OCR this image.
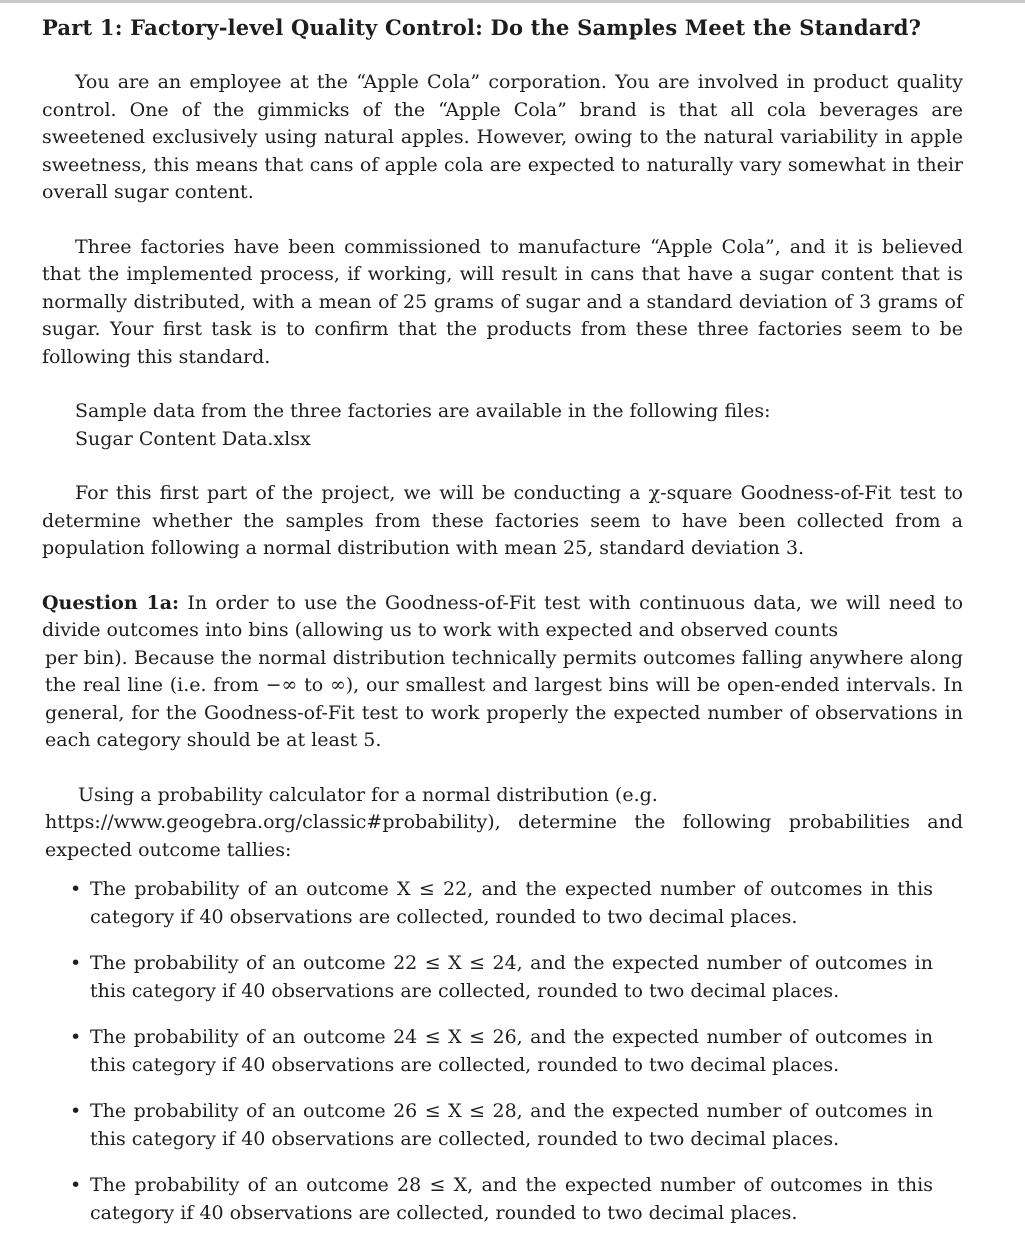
Part 1: Factory-level Quality Control: Do the Samples Meet the Standard?

You are an employee at the “Apple Cola” corporation. You are involved in product quality control. One of the gimmicks of the “Apple Cola” brand is that all cola beverages are sweetened exclusively using natural apples. However, owing to the natural variability in apple sweetness, this means that cans of apple cola are expected to naturally vary somewhat in their overall sugar content.

Three factories have been commissioned to manufacture “Apple Cola”, and it is believed that the implemented process, if working, will result in cans that have a sugar content that is normally distributed, with a mean of 25 grams of sugar and a standard deviation of 3 grams of sugar. Your first task is to confirm that the products from these three factories seem to be following this standard.

Sample data from the three factories are available in the following files:
Sugar Content Data.xlsx

For this first part of the project, we will be conducting a χ-square Goodness-of-Fit test to determine whether the samples from these factories seem to have been collected from a population following a normal distribution with mean 25, standard deviation 3.

Question 1a: In order to use the Goodness-of-Fit test with continuous data, we will need to divide outcomes into bins (allowing us to work with expected and observed counts

per bin). Because the normal distribution technically permits outcomes falling anywhere along the real line (i.e. from −∞ to ∞), our smallest and largest bins will be open-ended intervals. In general, for the Goodness-of-Fit test to work properly the expected number of observations in each category should be at least 5.

Using a probability calculator for a normal distribution (e.g.

https://www.geogebra.org/classic#probability), determine the following probabilities and expected outcome tallies:

• The probability of an outcome X ≤ 22, and the expected number of outcomes in this category if 40 observations are collected, rounded to two decimal places.
• The probability of an outcome 22 ≤ X ≤ 24, and the expected number of outcomes in this category if 40 observations are collected, rounded to two decimal places.
• The probability of an outcome 24 ≤ X ≤ 26, and the expected number of outcomes in this category if 40 observations are collected, rounded to two decimal places.
• The probability of an outcome 26 ≤ X ≤ 28, and the expected number of outcomes in this category if 40 observations are collected, rounded to two decimal places.
• The probability of an outcome 28 ≤ X, and the expected number of outcomes in this category if 40 observations are collected, rounded to two decimal places.
